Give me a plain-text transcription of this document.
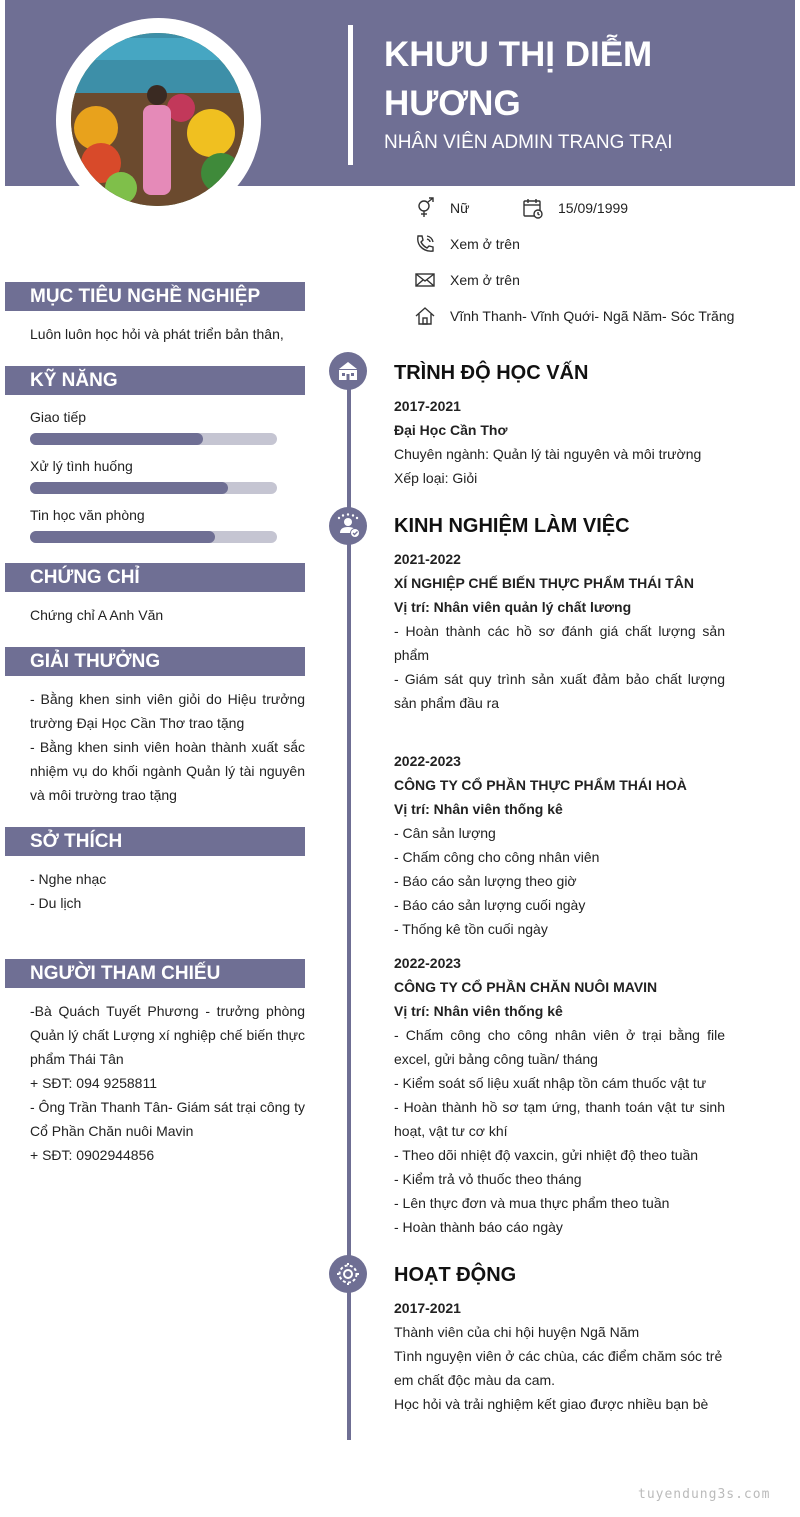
KHƯU THỊ DIỄM HƯƠNG
NHÂN VIÊN ADMIN TRANG TRẠI
Nữ	15/09/1999
Xem ở trên
Xem ở trên
Vĩnh Thanh- Vĩnh Quới- Ngã Năm- Sóc Trăng
MỤC TIÊU NGHỀ NGHIỆP
Luôn luôn học hỏi và phát triển bản thân,
KỸ NĂNG
Giao tiếp
Xử lý tình huống
Tin học văn phòng
CHỨNG CHỈ
Chứng chỉ A Anh Văn
GIẢI THƯỞNG
- Bằng khen sinh viên giỏi do Hiệu trưởng trường Đại Học Cần Thơ trao tặng
- Bằng khen sinh viên hoàn thành xuất sắc nhiệm vụ do khối ngành Quản lý tài nguyên và môi trường trao tặng
SỞ THÍCH
- Nghe nhạc
- Du lịch
NGƯỜI THAM CHIẾU
-Bà Quách Tuyết Phương - trưởng phòng Quản lý chất Lượng xí nghiệp chế biến thực phẩm Thái Tân
+ SĐT: 094 9258811
- Ông Trần Thanh Tân- Giám sát trại công ty Cổ Phần Chăn nuôi Mavin
+ SĐT: 0902944856
TRÌNH ĐỘ HỌC VẤN
2017-2021
Đại Học Cần Thơ
Chuyên ngành: Quản lý tài nguyên và môi trường
Xếp loại: Giỏi
KINH NGHIỆM LÀM VIỆC
2021-2022
XÍ NGHIỆP CHẾ BIẾN THỰC PHẨM THÁI TÂN
Vị trí: Nhân viên quản lý chất lương
- Hoàn thành các hồ sơ đánh giá chất lượng sản phẩm
- Giám sát quy trình sản xuất đảm bảo chất lượng sản phẩm đầu ra
2022-2023
CÔNG TY CỔ PHẦN THỰC PHẨM THÁI HOÀ
Vị trí: Nhân viên thống kê
- Cân sản lượng
- Chấm công cho công nhân viên
- Báo cáo sản lượng theo giờ
- Báo cáo sản lượng cuối ngày
- Thống kê tồn cuối ngày
2022-2023
CÔNG TY CỔ PHẦN CHĂN NUÔI MAVIN
Vị trí: Nhân viên thống kê
- Chấm công cho công nhân viên ở trại bằng file excel, gửi bảng công tuần/ tháng
- Kiểm soát số liệu xuất nhập tồn cám thuốc vật tư
- Hoàn thành hồ sơ tạm ứng, thanh toán vật tư sinh hoạt, vật tư cơ khí
- Theo dõi nhiệt độ vaxcin, gửi nhiệt độ theo tuần
- Kiểm trả vỏ thuốc theo tháng
- Lên thực đơn và mua thực phẩm theo tuần
- Hoàn thành báo cáo ngày
HOẠT ĐỘNG
2017-2021
Thành viên của chi hội huyện Ngã Năm
Tình nguyện viên ở các chùa, các điểm chăm sóc trẻ em chất độc màu da cam.
Học hỏi và trải nghiệm kết giao được nhiều bạn bè
tuyendung3s.com
